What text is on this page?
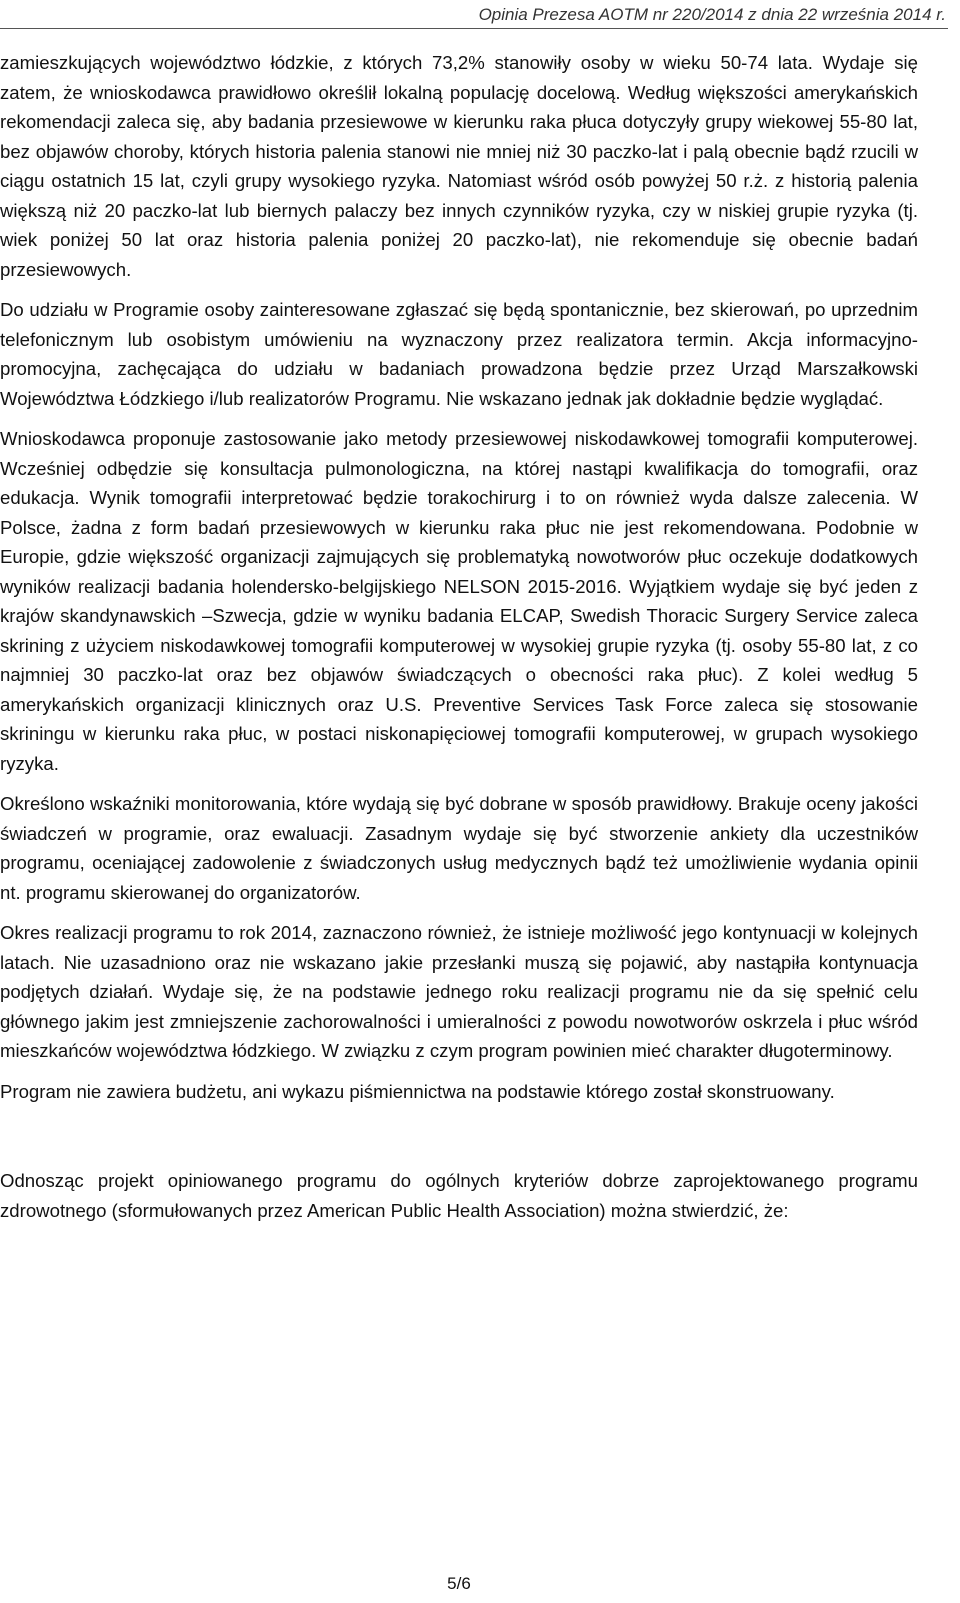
Opinia Prezesa AOTM nr 220/2014 z dnia 22 września 2014 r.

zamieszkujących województwo łódzkie, z których 73,2% stanowiły osoby w wieku 50-74 lata. Wydaje się zatem, że wnioskodawca prawidłowo określił lokalną populację docelową. Według większości amerykańskich rekomendacji zaleca się, aby badania przesiewowe w kierunku raka płuca dotyczyły grupy wiekowej 55-80 lat, bez objawów choroby, których historia palenia stanowi nie mniej niż 30 paczko-lat i palą obecnie bądź rzucili w ciągu ostatnich 15 lat, czyli grupy wysokiego ryzyka. Natomiast wśród osób powyżej 50 r.ż. z historią palenia większą niż 20 paczko-lat lub biernych palaczy bez innych czynników ryzyka, czy w niskiej grupie ryzyka (tj. wiek poniżej 50 lat oraz historia palenia poniżej 20 paczko-lat), nie rekomenduje się obecnie badań przesiewowych.

Do udziału w Programie osoby zainteresowane zgłaszać się będą spontanicznie, bez skierowań, po uprzednim telefonicznym lub osobistym umówieniu na wyznaczony przez realizatora termin. Akcja informacyjno-promocyjna, zachęcająca do udziału w badaniach prowadzona będzie przez Urząd Marszałkowski Województwa Łódzkiego i/lub realizatorów Programu. Nie wskazano jednak jak dokładnie będzie wyglądać.

Wnioskodawca proponuje zastosowanie jako metody przesiewowej niskodawkowej tomografii komputerowej. Wcześniej odbędzie się konsultacja pulmonologiczna, na której nastąpi kwalifikacja do tomografii, oraz edukacja. Wynik tomografii interpretować będzie torakochirurg i to on również wyda dalsze zalecenia. W Polsce, żadna z form badań przesiewowych w kierunku raka płuc nie jest rekomendowana. Podobnie w Europie, gdzie większość organizacji zajmujących się problematyką nowotworów płuc oczekuje dodatkowych wyników realizacji badania holendersko-belgijskiego NELSON 2015-2016. Wyjątkiem wydaje się być jeden z krajów skandynawskich –Szwecja, gdzie w wyniku badania ELCAP, Swedish Thoracic Surgery Service zaleca skrining z użyciem niskodawkowej tomografii komputerowej w wysokiej grupie ryzyka (tj. osoby 55-80 lat, z co najmniej 30 paczko-lat oraz bez objawów świadczących o obecności raka płuc). Z kolei według 5 amerykańskich organizacji klinicznych oraz U.S. Preventive Services Task Force zaleca się stosowanie skriningu w kierunku raka płuc, w postaci niskonapięciowej tomografii komputerowej, w grupach wysokiego ryzyka.

Określono wskaźniki monitorowania, które wydają się być dobrane w sposób prawidłowy. Brakuje oceny jakości świadczeń w programie, oraz ewaluacji. Zasadnym wydaje się być stworzenie ankiety dla uczestników programu, oceniającej zadowolenie z świadczonych usług medycznych bądź też umożliwienie wydania opinii nt. programu skierowanej do organizatorów.

Okres realizacji programu to rok 2014, zaznaczono również, że istnieje możliwość jego kontynuacji w kolejnych latach. Nie uzasadniono oraz nie wskazano jakie przesłanki muszą się pojawić, aby nastąpiła kontynuacja podjętych działań. Wydaje się, że na podstawie jednego roku realizacji programu nie da się spełnić celu głównego jakim jest zmniejszenie zachorowalności i umieralności z powodu nowotworów oskrzela i płuc wśród mieszkańców województwa łódzkiego. W związku z czym program powinien mieć charakter długoterminowy.

Program nie zawiera budżetu, ani wykazu piśmiennictwa na podstawie którego został skonstruowany.

Odnosząc projekt opiniowanego programu do ogólnych kryteriów dobrze zaprojektowanego programu zdrowotnego (sformułowanych przez American Public Health Association) można stwierdzić, że:

5/6
